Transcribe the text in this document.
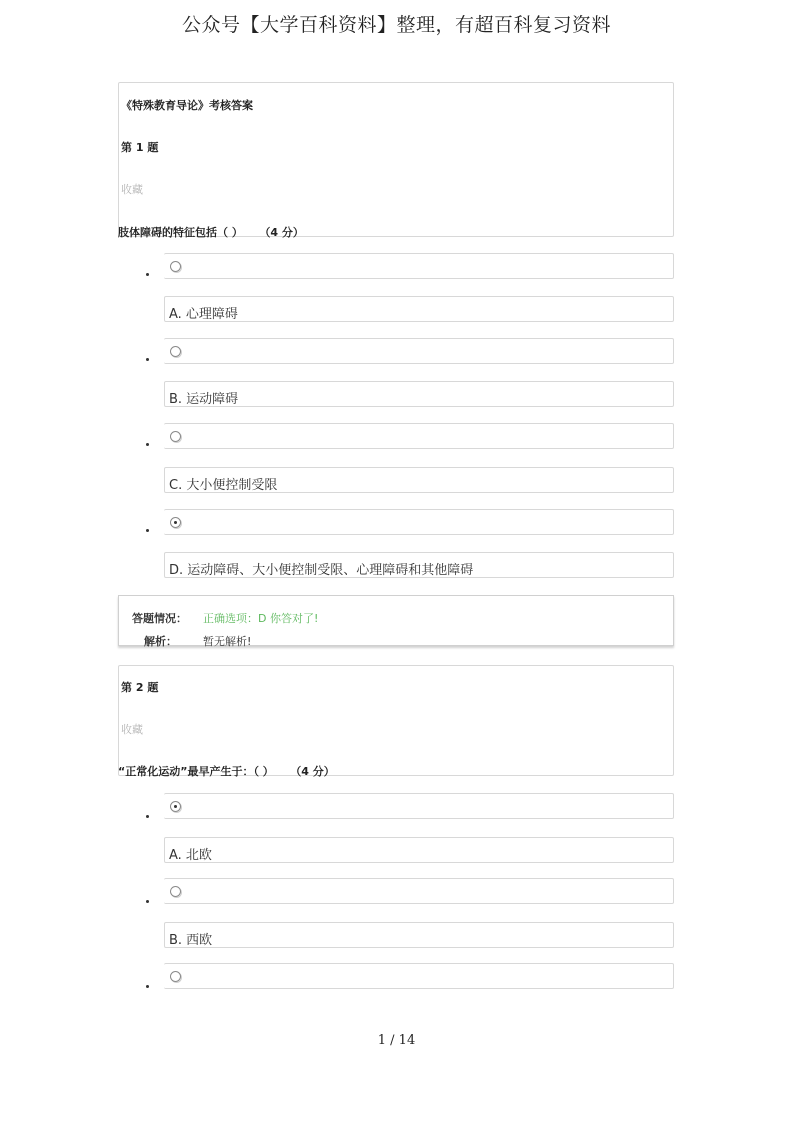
公众号【大学百科资料】整理，有超百科复习资料
《特殊教育导论》考核答案
第 1 题
收藏
肢体障碍的特征包括（ ） （4 分）
A. 心理障碍
B. 运动障碍
C. 大小便控制受限
D. 运动障碍、大小便控制受限、心理障碍和其他障碍
答题情况： 正确选项：D 你答对了!
解析： 暂无解析!
第 2 题
收藏
“正常化运动”最早产生于：（ ） （4 分）
A. 北欧
B. 西欧
1 / 14
